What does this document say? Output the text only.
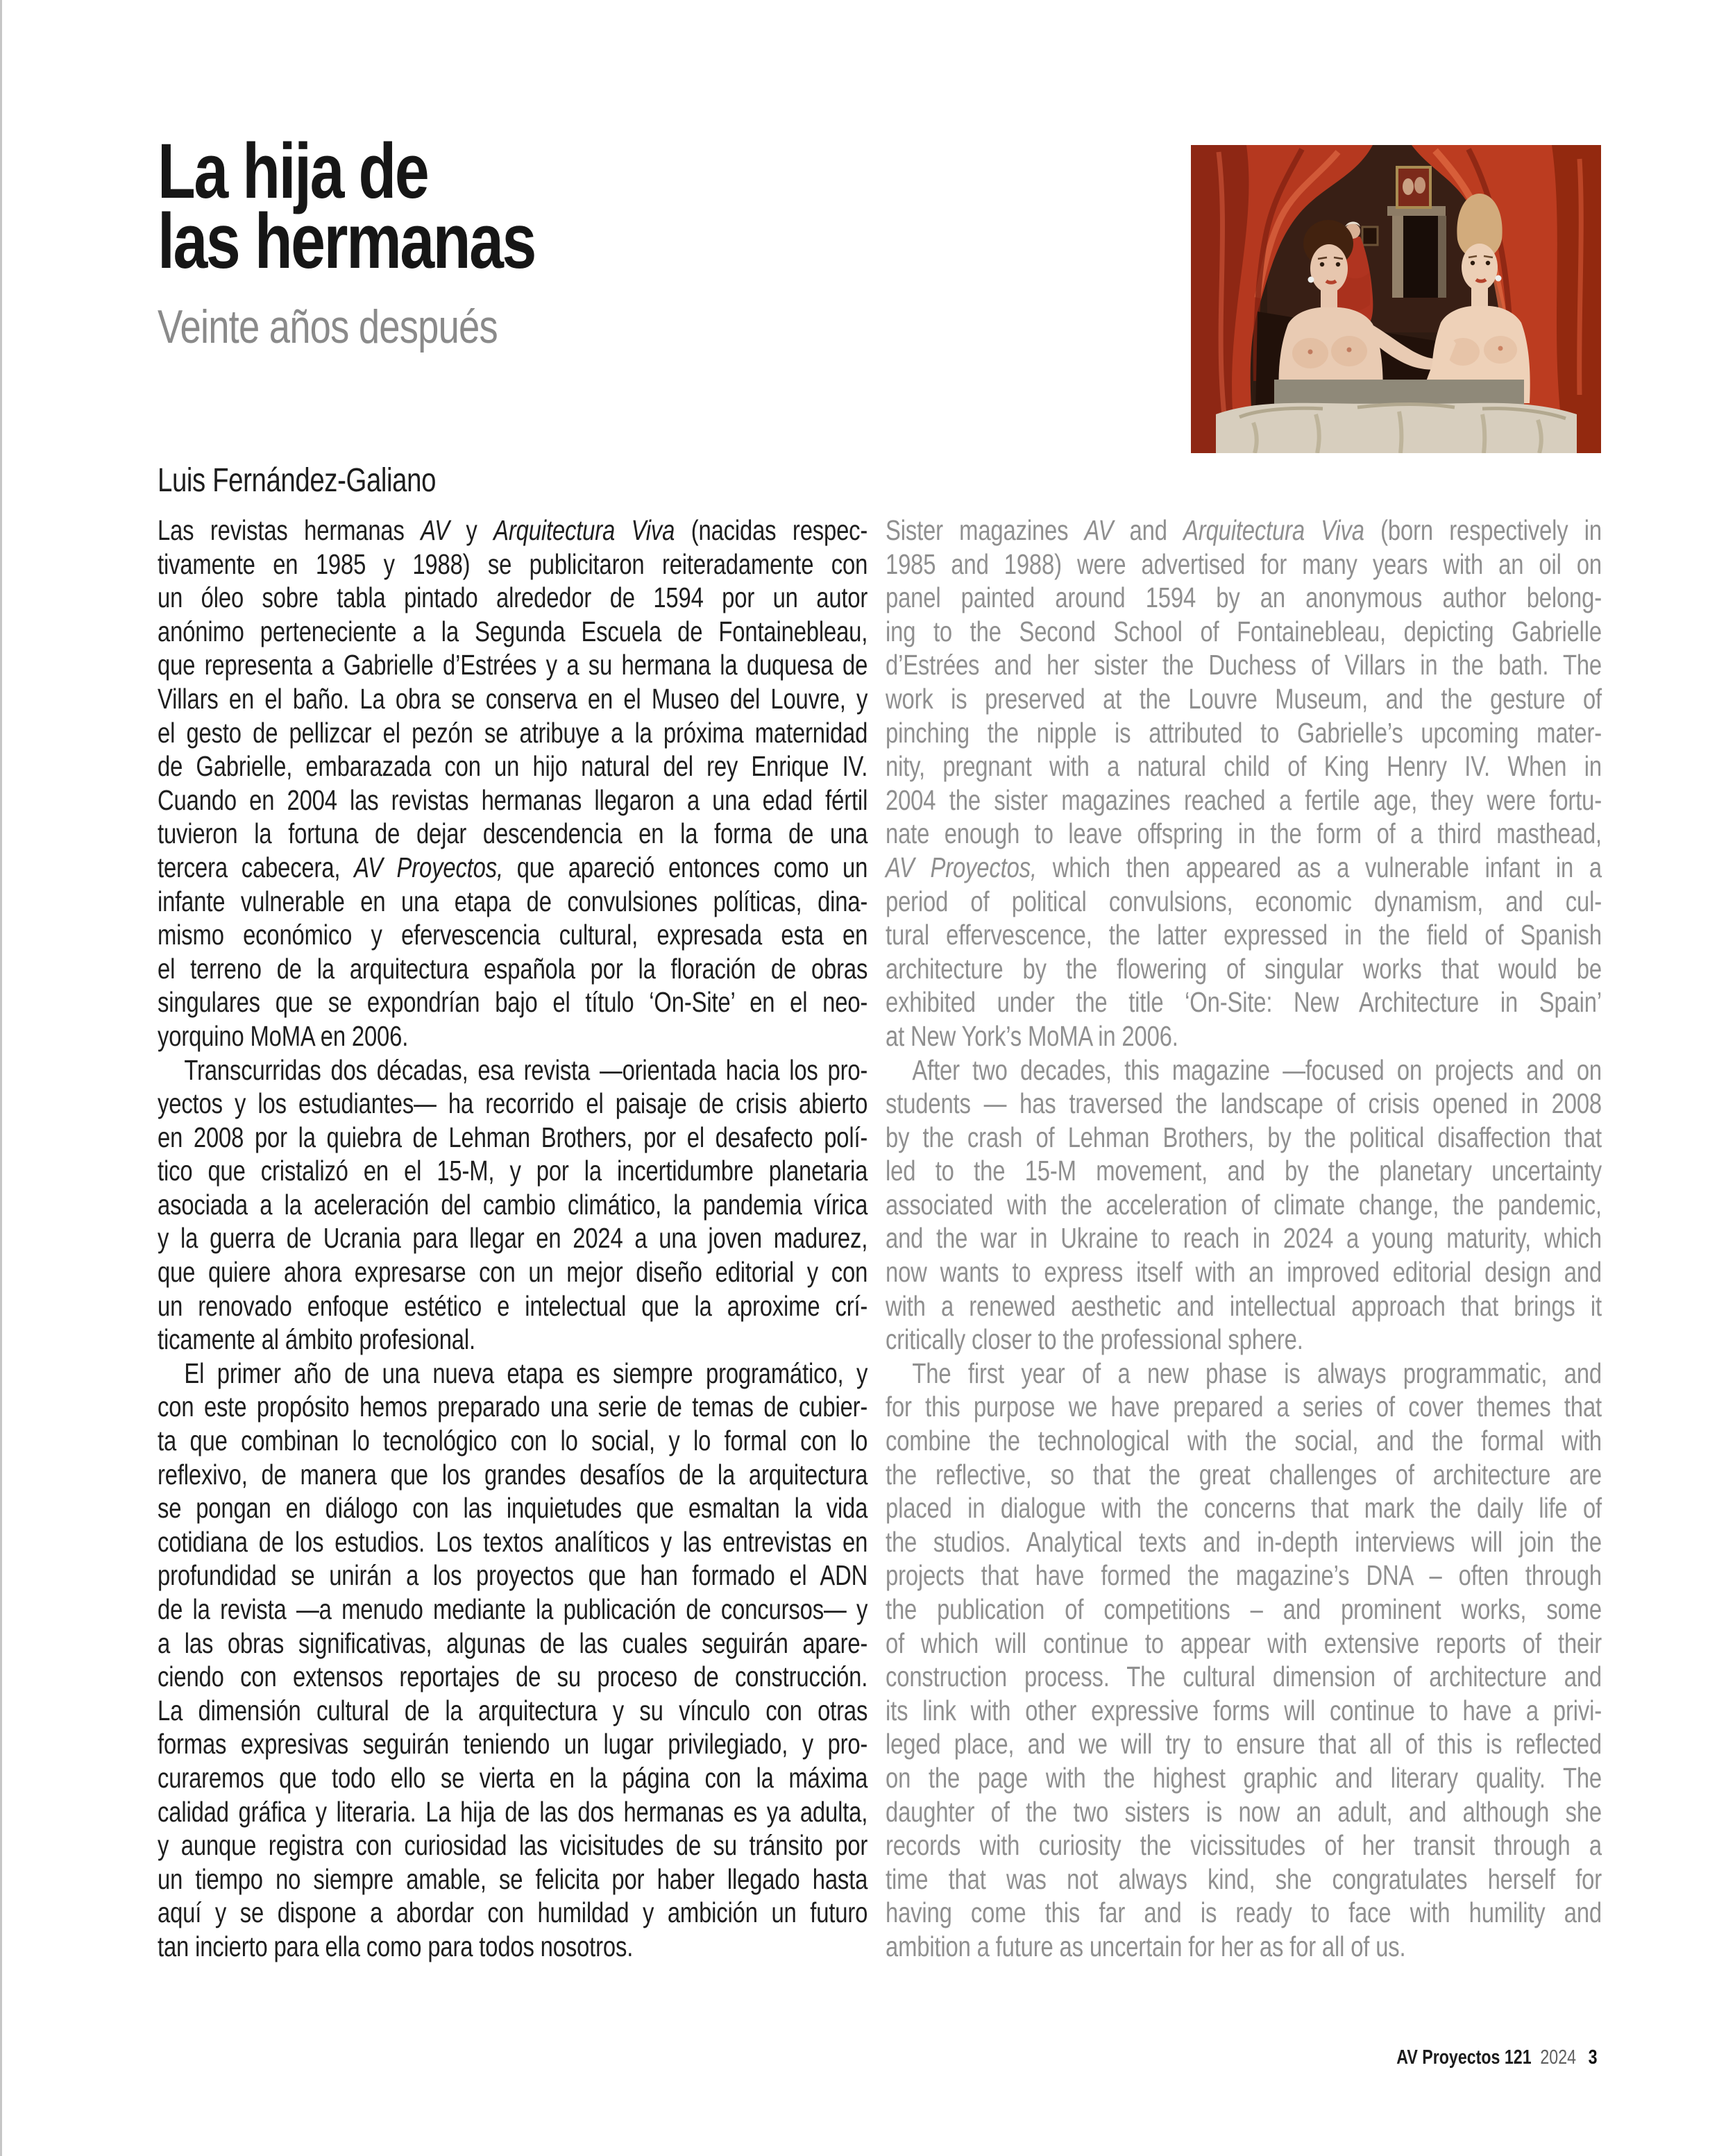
La hija de
las hermanas
Veinte años después
Luis Fernández-Galiano
Las revistas hermanas AV y Arquitectura Viva (nacidas respec-
tivamente en 1985 y 1988) se publicitaron reiteradamente con
un óleo sobre tabla pintado alrededor de 1594 por un autor
anónimo perteneciente a la Segunda Escuela de Fontainebleau,
que representa a Gabrielle d’Estrées y a su hermana la duquesa de
Villars en el baño. La obra se conserva en el Museo del Louvre, y
el gesto de pellizcar el pezón se atribuye a la próxima maternidad
de Gabrielle, embarazada con un hijo natural del rey Enrique IV.
Cuando en 2004 las revistas hermanas llegaron a una edad fértil
tuvieron la fortuna de dejar descendencia en la forma de una
tercera cabecera, AV Proyectos, que apareció entonces como un
infante vulnerable en una etapa de convulsiones políticas, dina-
mismo económico y efervescencia cultural, expresada esta en
el terreno de la arquitectura española por la floración de obras
singulares que se expondrían bajo el título ‘On-Site’ en el neo-
yorquino MoMA en 2006.
Transcurridas dos décadas, esa revista —orientada hacia los pro-
yectos y los estudiantes— ha recorrido el paisaje de crisis abierto
en 2008 por la quiebra de Lehman Brothers, por el desafecto polí-
tico que cristalizó en el 15-M, y por la incertidumbre planetaria
asociada a la aceleración del cambio climático, la pandemia vírica
y la guerra de Ucrania para llegar en 2024 a una joven madurez,
que quiere ahora expresarse con un mejor diseño editorial y con
un renovado enfoque estético e intelectual que la aproxime crí-
ticamente al ámbito profesional.
El primer año de una nueva etapa es siempre programático, y
con este propósito hemos preparado una serie de temas de cubier-
ta que combinan lo tecnológico con lo social, y lo formal con lo
reflexivo, de manera que los grandes desafíos de la arquitectura
se pongan en diálogo con las inquietudes que esmaltan la vida
cotidiana de los estudios. Los textos analíticos y las entrevistas en
profundidad se unirán a los proyectos que han formado el ADN
de la revista —a menudo mediante la publicación de concursos— y
a las obras significativas, algunas de las cuales seguirán apare-
ciendo con extensos reportajes de su proceso de construcción.
La dimensión cultural de la arquitectura y su vínculo con otras
formas expresivas seguirán teniendo un lugar privilegiado, y pro-
curaremos que todo ello se vierta en la página con la máxima
calidad gráfica y literaria. La hija de las dos hermanas es ya adulta,
y aunque registra con curiosidad las vicisitudes de su tránsito por
un tiempo no siempre amable, se felicita por haber llegado hasta
aquí y se dispone a abordar con humildad y ambición un futuro
tan incierto para ella como para todos nosotros.
Sister magazines AV and Arquitectura Viva (born respectively in
1985 and 1988) were advertised for many years with an oil on
panel painted around 1594 by an anonymous author belong-
ing to the Second School of Fontainebleau, depicting Gabrielle
d’Estrées and her sister the Duchess of Villars in the bath. The
work is preserved at the Louvre Museum, and the gesture of
pinching the nipple is attributed to Gabrielle’s upcoming mater-
nity, pregnant with a natural child of King Henry IV. When in
2004 the sister magazines reached a fertile age, they were fortu-
nate enough to leave offspring in the form of a third masthead,
AV Proyectos, which then appeared as a vulnerable infant in a
period of political convulsions, economic dynamism, and cul-
tural effervescence, the latter expressed in the field of Spanish
architecture by the flowering of singular works that would be
exhibited under the title ‘On-Site: New Architecture in Spain’
at New York’s MoMA in 2006.
After two decades, this magazine —focused on projects and on
students — has traversed the landscape of crisis opened in 2008
by the crash of Lehman Brothers, by the political disaffection that
led to the 15-M movement, and by the planetary uncertainty
associated with the acceleration of climate change, the pandemic,
and the war in Ukraine to reach in 2024 a young maturity, which
now wants to express itself with an improved editorial design and
with a renewed aesthetic and intellectual approach that brings it
critically closer to the professional sphere.
The first year of a new phase is always programmatic, and
for this purpose we have prepared a series of cover themes that
combine the technological with the social, and the formal with
the reflective, so that the great challenges of architecture are
placed in dialogue with the concerns that mark the daily life of
the studios. Analytical texts and in-depth interviews will join the
projects that have formed the magazine’s DNA – often through
the publication of competitions – and prominent works, some
of which will continue to appear with extensive reports of their
construction process. The cultural dimension of architecture and
its link with other expressive forms will continue to have a privi-
leged place, and we will try to ensure that all of this is reflected
on the page with the highest graphic and literary quality. The
daughter of the two sisters is now an adult, and although she
records with curiosity the vicissitudes of her transit through a
time that was not always kind, she congratulates herself for
having come this far and is ready to face with humility and
ambition a future as uncertain for her as for all of us.
AV Proyectos 121 2024 3
